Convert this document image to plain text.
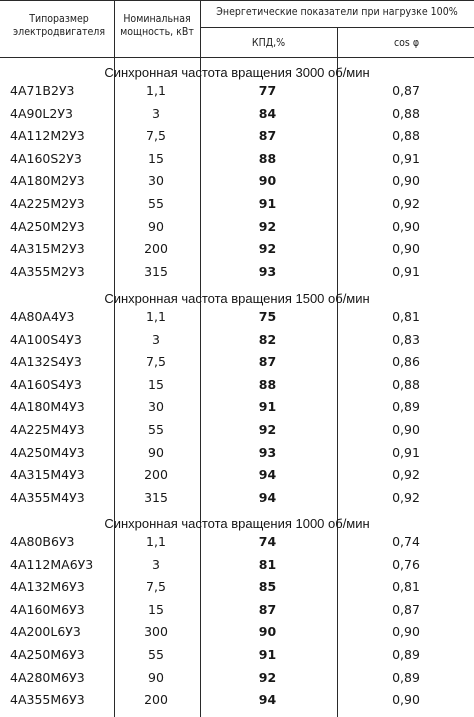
Типоразмер
электродвигателя
Номинальная
мощность, кВт
Энергетические показатели при нагрузке 100%
КПД,%	cos φ
Синхронная частота вращения 3000 об/мин
4А71В2У3	1,1	77	0,87
4А90L2У3	3	84	0,88
4А112М2У3	7,5	87	0,88
4А160S2У3	15	88	0,91
4А180М2У3	30	90	0,90
4А225М2У3	55	91	0,92
4А250М2У3	90	92	0,90
4А315М2У3	200	92	0,90
4А355М2У3	315	93	0,91
Синхронная частота вращения 1500 об/мин
4А80А4У3	1,1	75	0,81
4А100S4У3	3	82	0,83
4А132S4У3	7,5	87	0,86
4А160S4У3	15	88	0,88
4А180М4У3	30	91	0,89
4А225М4У3	55	92	0,90
4А250М4У3	90	93	0,91
4А315М4У3	200	94	0,92
4А355М4У3	315	94	0,92
Синхронная частота вращения 1000 об/мин
4А80В6У3	1,1	74	0,74
4А112МА6У3	3	81	0,76
4А132М6У3	7,5	85	0,81
4А160М6У3	15	87	0,87
4А200L6У3	300	90	0,90
4А250М6У3	55	91	0,89
4А280М6У3	90	92	0,89
4А355М6У3	200	94	0,90
